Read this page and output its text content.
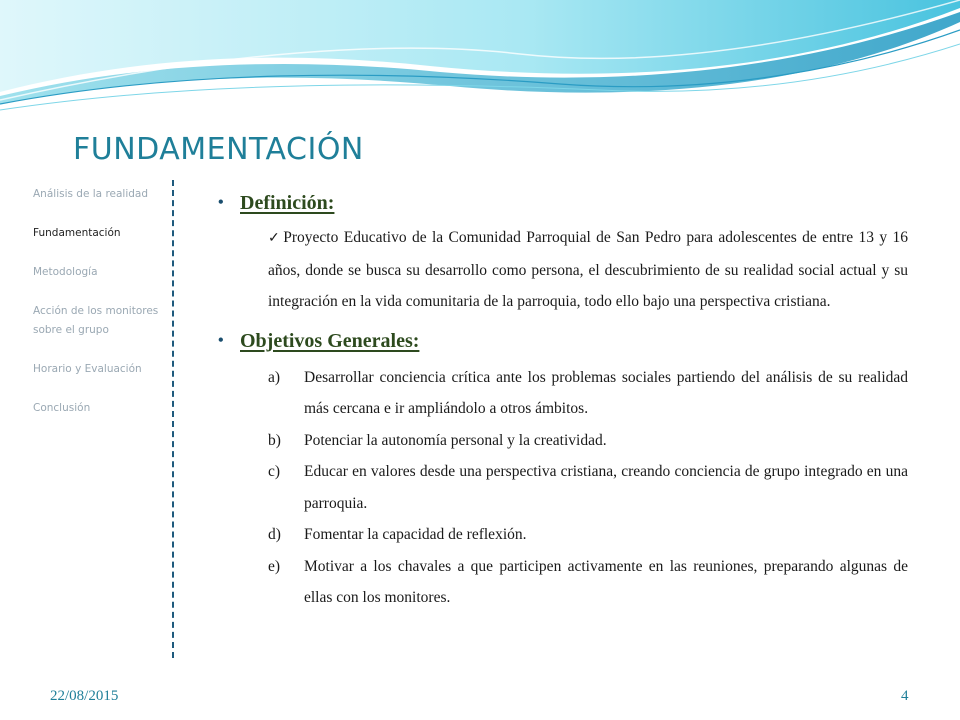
FUNDAMENTACIÓN
Análisis de la realidad
Fundamentación
Metodología
Acción de los monitores sobre el grupo
Horario y Evaluación
Conclusión
• Definición:

✓ Proyecto Educativo de la Comunidad Parroquial de San Pedro para adolescentes de entre 13 y 16 años, donde se busca su desarrollo como persona, el descubrimiento de su realidad social actual y su integración en la vida comunitaria de la parroquia, todo ello bajo una perspectiva cristiana.

• Objetivos Generales:
a) Desarrollar conciencia crítica ante los problemas sociales partiendo del análisis de su realidad más cercana e ir ampliándolo a otros ámbitos.
b) Potenciar la autonomía personal y la creatividad.
c) Educar en valores desde una perspectiva cristiana, creando conciencia de grupo integrado en una parroquia.
d) Fomentar la capacidad de reflexión.
e) Motivar a los chavales a que participen activamente en las reuniones, preparando algunas de ellas con los monitores.
22/08/2015	4
